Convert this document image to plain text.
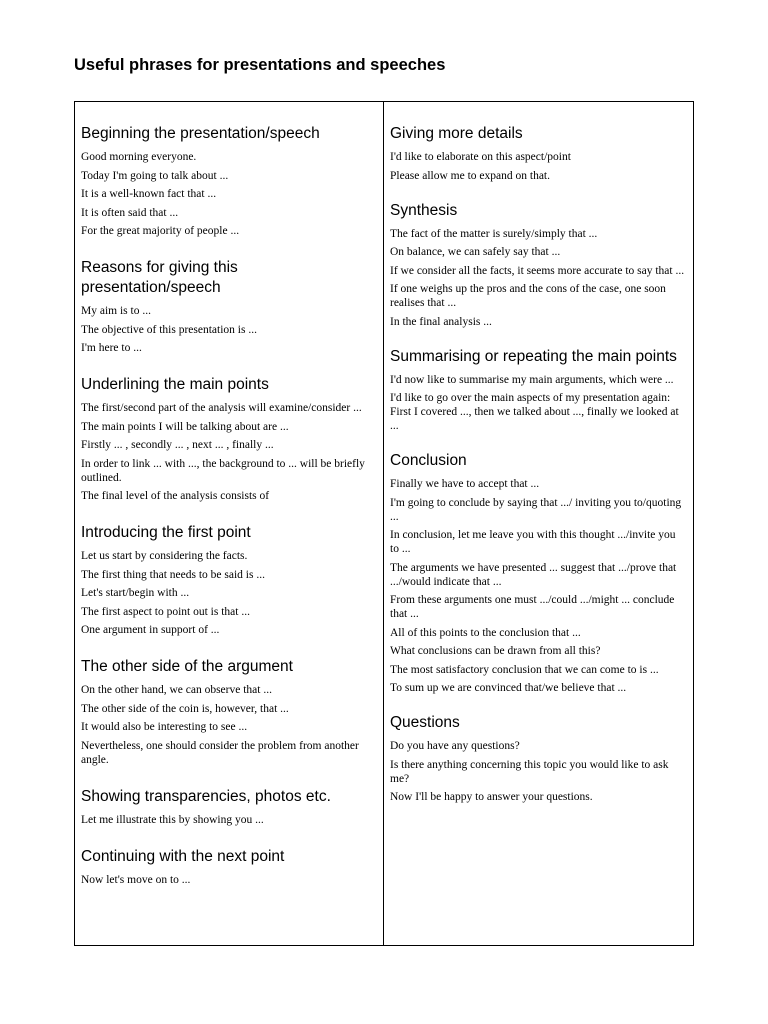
Useful phrases for presentations and speeches
Beginning the presentation/speech
Good morning everyone.
Today I'm going to talk about ...
It is a well-known fact that ...
It is often said that ...
For the great majority of people ...
Reasons for giving this presentation/speech
My aim is to ...
The objective of this presentation is ...
I'm here to ...
Underlining the main points
The first/second part of the analysis will examine/consider ...
The main points I will be talking about are ...
Firstly ... , secondly ... , next ... , finally ...
In order to link ... with ..., the background to ... will be briefly outlined.
The final level of the analysis consists of
Introducing the first point
Let us start by considering the facts.
The first thing that needs to be said is ...
Let's start/begin with ...
The first aspect to point out is that ...
One argument in support of ...
The other side of the argument
On the other hand, we can observe that ...
The other side of the coin is, however, that ...
It would also be interesting to see ...
Nevertheless, one should consider the problem from another angle.
Showing transparencies, photos etc.
Let me illustrate this by showing you ...
Continuing with the next point
Now let's move on to ...
Giving more details
I'd like to elaborate on this aspect/point
Please allow me to expand on that.
Synthesis
The fact of the matter is surely/simply that ...
On balance, we can safely say that ...
If we consider all the facts, it seems more accurate to say that ...
If one weighs up the pros and the cons of the case, one soon realises that ...
In the final analysis ...
Summarising or repeating the main points
I'd now like to summarise my main arguments, which were ...
I'd like to go over the main aspects of my presentation again: First I covered ..., then we talked about ..., finally we looked at ...
Conclusion
Finally we have to accept that ...
I'm going to conclude by saying that .../ inviting you to/quoting ...
In conclusion, let me leave you with this thought .../invite you to ...
The arguments we have presented ... suggest that .../prove that .../would indicate that ...
From these arguments one must .../could .../might ... conclude that ...
All of this points to the conclusion that ...
What conclusions can be drawn from all this?
The most satisfactory conclusion that we can come to is ...
To sum up we are convinced that/we believe that ...
Questions
Do you have any questions?
Is there anything concerning this topic you would like to ask me?
Now I'll be happy to answer your questions.
